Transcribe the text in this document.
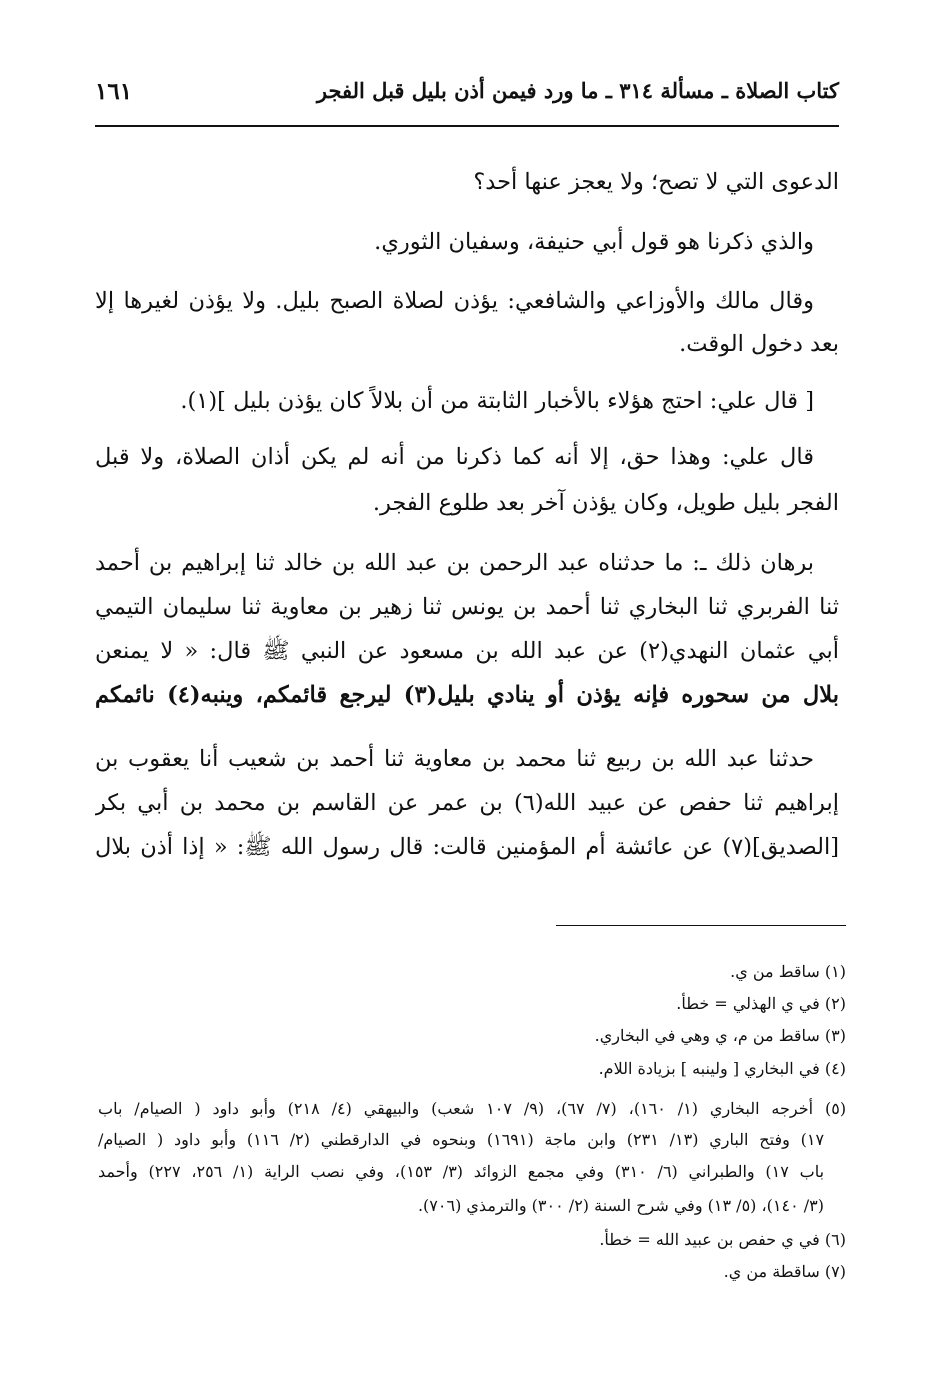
كتاب الصلاة ـ مسألة ٣١٤ ـ ما ورد فيمن أذن بليل قبل الفجر
١٦١
الدعوى التي لا تصح؛ ولا يعجز عنها أحد؟
والذي ذكرنا هو قول أبي حنيفة، وسفيان الثوري.
وقال مالك والأوزاعي والشافعي: يؤذن لصلاة الصبح بليل. ولا يؤذن لغيرها إلا
بعد دخول الوقت.
[ قال علي: احتج هؤلاء بالأخبار الثابتة من أن بلالاً كان يؤذن بليل ](١).
قال علي: وهذا حق، إلا أنه كما ذكرنا من أنه لم يكن أذان الصلاة، ولا قبل
الفجر بليل طويل، وكان يؤذن آخر بعد طلوع الفجر.
برهان ذلك ـ: ما حدثناه عبد الرحمن بن عبد الله بن خالد ثنا إبراهيم بن أحمد
ثنا الفربري ثنا البخاري ثنا أحمد بن يونس ثنا زهير بن معاوية ثنا سليمان التيمي
أبي عثمان النهدي(٢) عن عبد الله بن مسعود عن النبي ﷺ قال: « لا يمنعن
بلال من سحوره فإنه يؤذن أو ينادي بليل(٣) ليرجع قائمكم، وينبه(٤) نائمكم
حدثنا عبد الله بن ربيع ثنا محمد بن معاوية ثنا أحمد بن شعيب أنا يعقوب بن
إبراهيم ثنا حفص عن عبيد الله(٦) بن عمر عن القاسم بن محمد بن أبي بكر
[الصديق](٧) عن عائشة أم المؤمنين قالت: قال رسول الله ﷺ: « إذا أذن بلال
(١) ساقط من ي.
(٢) في ي الهذلي = خطأ.
(٣) ساقط من م، ي وهي في البخاري.
(٤) في البخاري [ ولينبه ] بزيادة اللام.
(٥) أخرجه البخاري (١/ ١٦٠)، (٧/ ٦٧)، (٩/ ١٠٧ شعب) والبيهقي (٤/ ٢١٨) وأبو داود ( الصيام/ باب
١٧) وفتح الباري (١٣/ ٢٣١) وابن ماجة (١٦٩١) وبنحوه في الدارقطني (٢/ ١١٦) وأبو داود ( الصيام/
باب ١٧) والطبراني (٦/ ٣١٠) وفي مجمع الزوائد (٣/ ١٥٣)، وفي نصب الراية (١/ ٢٥٦، ٢٢٧) وأحمد
(٣/ ١٤٠)، (٥/ ١٣) وفي شرح السنة (٢/ ٣٠٠) والترمذي (٧٠٦).
(٦) في ي حفص بن عبيد الله = خطأ.
(٧) ساقطة من ي.
